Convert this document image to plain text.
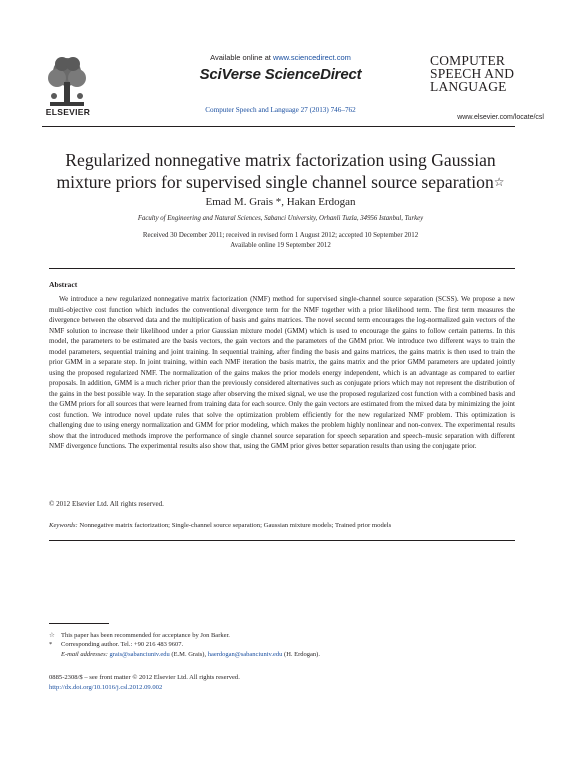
ELSEVIER
Available online at www.sciencedirect.com
SciVerse ScienceDirect
Computer Speech and Language 27 (2013) 746–762
COMPUTER
SPEECH AND
LANGUAGE
www.elsevier.com/locate/csl
Regularized nonnegative matrix factorization using Gaussian
mixture priors for supervised single channel source separation☆
Emad M. Grais *, Hakan Erdogan
Faculty of Engineering and Natural Sciences, Sabanci University, Orhanli Tuzla, 34956 Istanbul, Turkey
Received 30 December 2011; received in revised form 1 August 2012; accepted 10 September 2012
Available online 19 September 2012
Abstract
We introduce a new regularized nonnegative matrix factorization (NMF) method for supervised single-channel source separation (SCSS). We propose a new multi-objective cost function which includes the conventional divergence term for the NMF together with a prior likelihood term. The first term measures the divergence between the observed data and the multiplication of basis and gains matrices. The novel second term encourages the log-normalized gain vectors of the NMF solution to increase their likelihood under a prior Gaussian mixture model (GMM) which is used to encourage the gains to follow certain patterns. In this model, the parameters to be estimated are the basis vectors, the gain vectors and the parameters of the GMM prior. We introduce two different ways to train the model parameters, sequential training and joint training. In sequential training, after finding the basis and gains matrices, the gains matrix is then used to train the prior GMM in a separate step. In joint training, within each NMF iteration the basis matrix, the gains matrix and the prior GMM parameters are updated jointly using the proposed regularized NMF. The normalization of the gains makes the prior models energy independent, which is an advantage as compared to earlier proposals. In addition, GMM is a much richer prior than the previously considered alternatives such as conjugate priors which may not represent the distribution of the gains in the best possible way. In the separation stage after observing the mixed signal, we use the proposed regularized cost function with a combined basis and the GMM priors for all sources that were learned from training data for each source. Only the gain vectors are estimated from the mixed data by minimizing the joint cost function. We introduce novel update rules that solve the optimization problem efficiently for the new regularized NMF problem. This optimization is challenging due to using energy normalization and GMM for prior modeling, which makes the problem highly nonlinear and non-convex. The experimental results show that the introduced methods improve the performance of single channel source separation for speech separation and speech–music separation with different NMF divergence functions. The experimental results also show that, using the GMM prior gives better separation results than using the conjugate prior.
© 2012 Elsevier Ltd. All rights reserved.
Keywords: Nonnegative matrix factorization; Single-channel source separation; Gaussian mixture models; Trained prior models
☆ This paper has been recommended for acceptance by Jon Barker.
* Corresponding author. Tel.: +90 216 483 9607.
E-mail addresses: grais@sabanciuniv.edu (E.M. Grais), haerdogan@sabanciuniv.edu (H. Erdogan).
0885-2308/$ – see front matter © 2012 Elsevier Ltd. All rights reserved.
http://dx.doi.org/10.1016/j.csl.2012.09.002
